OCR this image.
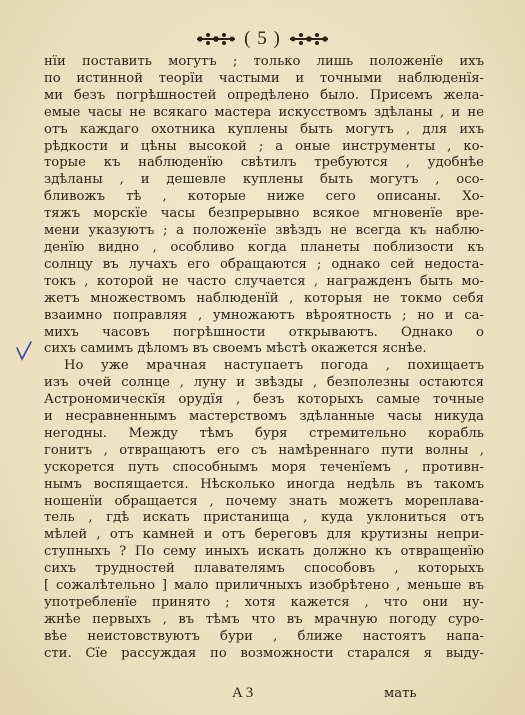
( 5 )
нїи поставить могутъ ; только лишь положенїе ихъ
по истинной теорїи частыми и точными наблюденїя-
ми безъ погрѣшностей опредѣлено было. Присемъ жела-
емые часы не всякаго мастера искусствомъ здѣланы , и не
отъ каждаго охотника куплены быть могутъ , для ихъ
рѣдкости и цѣны высокой ; а оные инструменты , ко-
торые къ наблюденїю свѣтилъ требуются , удобнѣе
здѣланы , и дешевле куплены быть могутъ , осо-
бливожъ тѣ , которые ниже сего описаны. Хо-
тяжъ морскїе часы безпрерывно всякое мгновенїе вре-
мени указуютъ ; а положенїе звѣздъ не всегда къ наблю-
денїю видно , особливо когда планеты поблизости къ
солнцу въ лучахъ его обращаются ; однако сей недоста-
токъ , которой не часто случается , награжденъ быть мо-
жетъ множествомъ наблюденїй , которыя не токмо себя
взаимно поправляя , умножаютъ вѣроятность ; но и са-
михъ часовъ погрѣшности открываютъ. Однако о
сихъ самимъ дѣломъ въ своемъ мѣстѣ окажется яснѣе.
Но уже мрачная наступаетъ погода , похищаетъ
изъ очей солнце , луну и звѣзды , безполезны остаются
Астрономическїя орудїя , безъ которыхъ самые точные
и несравненнымъ мастерствомъ здѣланные часы никуда
негодны. Между тѣмъ буря стремительно корабль
гонитъ , отвращаютъ его съ намѣреннаго пути волны ,
ускорется путь способнымъ моря теченїемъ , противн-
нымъ воспящается. Нѣсколько иногда недѣль въ такомъ
ношенїи обращается , почему знать можетъ мореплава-
тель , гдѣ искать пристанища , куда уклониться отъ
мѣлей , отъ камней и отъ береговъ для крутизны непри-
ступныхъ ? По сему иныхъ искать должно къ отвращенїю
сихъ трудностей плавателямъ способовъ , которыхъ
[ сожалѣтельно ] мало приличныхъ изобрѣтено , меньше въ
употребленїе принято ; хотя кажется , что они ну-
жнѣе первыхъ , въ тѣмъ что въ мрачную погоду суро-
вѣе неистовствуютъ бури , ближе настоятъ напа-
сти. Сїе рассуждая по возможности старался я выду-
A 3	мать
